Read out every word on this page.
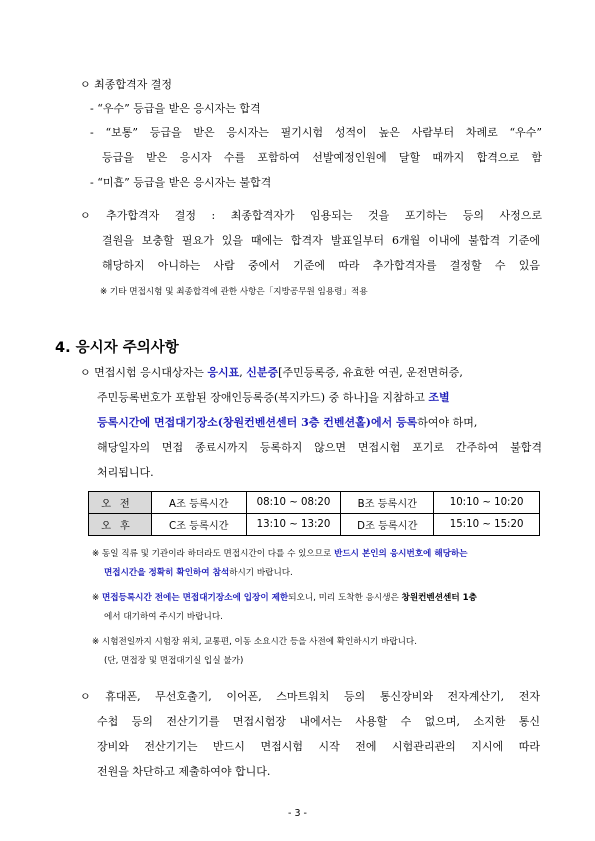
ㅇ 최종합격자 결정
- “우수” 등급을 받은 응시자는 합격
- “보통” 등급을 받은 응시자는 필기시험 성적이 높은 사람부터 차례로 “우수”
등급을 받은 응시자 수를 포함하여 선발예정인원에 달할 때까지 합격으로 함
- “미흡” 등급을 받은 응시자는 불합격
ㅇ 추가합격자 결정 : 최종합격자가 임용되는 것을 포기하는 등의 사정으로
결원을 보충할 필요가 있을 때에는 합격자 발표일부터 6개월 이내에 불합격 기준에
해당하지 아니하는 사람 중에서 기준에 따라 추가합격자를 결정할 수 있음
※ 기타 면접시험 및 최종합격에 관한 사항은「지방공무원 임용령」적용
4. 응시자 주의사항
ㅇ 면접시험 응시대상자는 응시표, 신분증[주민등록증, 유효한 여권, 운전면허증,
주민등록번호가 포함된 장애인등록증(복지카드) 중 하나]을 지참하고 조별
등록시간에 면접대기장소(창원컨벤션센터 3층 컨벤션홀)에서 등록하여야 하며,
해당일자의 면접 종료시까지 등록하지 않으면 면접시험 포기로 간주하여 불합격
처리됩니다.
오전	A조 등록시간	08:10 ~ 08:20	B조 등록시간	10:10 ~ 10:20
오후	C조 등록시간	13:10 ~ 13:20	D조 등록시간	15:10 ~ 15:20
※ 동일 직류 및 기관이라 하더라도 면접시간이 다를 수 있으므로 반드시 본인의 응시번호에 해당하는
면접시간을 정확히 확인하여 참석하시기 바랍니다.
※ 면접등록시간 전에는 면접대기장소에 입장이 제한되오니, 미리 도착한 응시생은 창원컨벤션센터 1층
에서 대기하여 주시기 바랍니다.
※ 시험전일까지 시험장 위치, 교통편, 이동 소요시간 등을 사전에 확인하시기 바랍니다.
(단, 면접장 및 면접대기실 입실 불가)
ㅇ 휴대폰, 무선호출기, 이어폰, 스마트워치 등의 통신장비와 전자계산기, 전자
수첩 등의 전산기기를 면접시험장 내에서는 사용할 수 없으며, 소지한 통신
장비와 전산기기는 반드시 면접시험 시작 전에 시험관리관의 지시에 따라
전원을 차단하고 제출하여야 합니다.
- 3 -
